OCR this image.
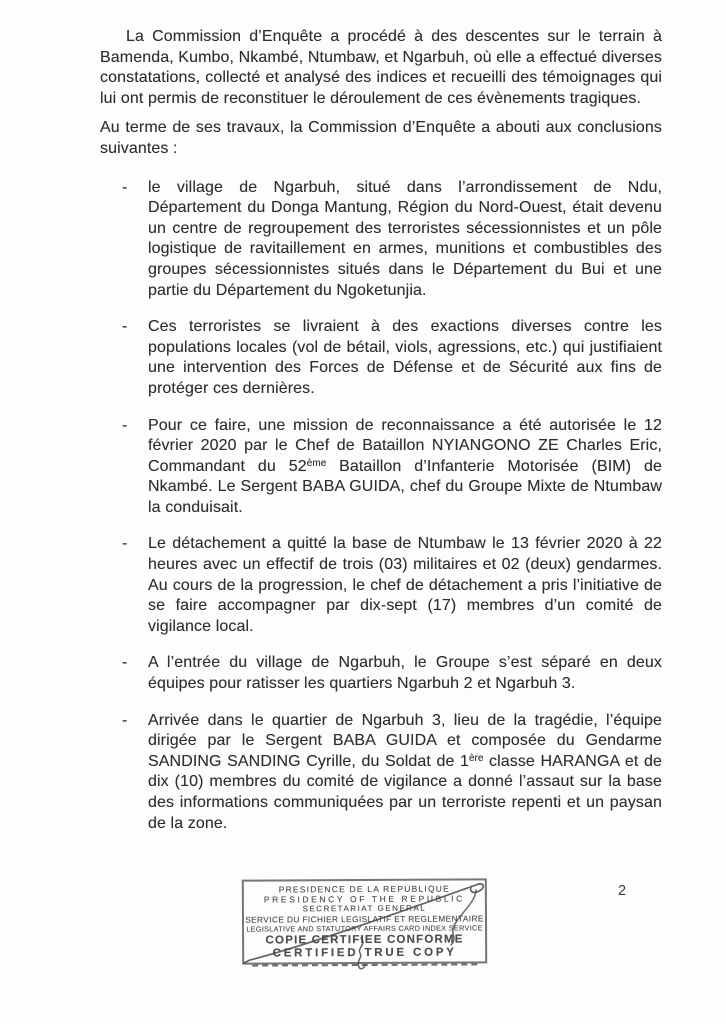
La Commission d’Enquête a procédé à des descentes sur le terrain à Bamenda, Kumbo, Nkambé, Ntumbaw, et Ngarbuh, où elle a effectué diverses constatations, collecté et analysé des indices et recueilli des témoignages qui lui ont permis de reconstituer le déroulement de ces évènements tragiques.

Au terme de ses travaux, la Commission d’Enquête a abouti aux conclusions suivantes :

- le village de Ngarbuh, situé dans l’arrondissement de Ndu, Département du Donga Mantung, Région du Nord-Ouest, était devenu un centre de regroupement des terroristes sécessionnistes et un pôle logistique de ravitaillement en armes, munitions et combustibles des groupes sécessionnistes situés dans le Département du Bui et une partie du Département du Ngoketunjia.

- Ces terroristes se livraient à des exactions diverses contre les populations locales (vol de bétail, viols, agressions, etc.) qui justifiaient une intervention des Forces de Défense et de Sécurité aux fins de protéger ces dernières.

- Pour ce faire, une mission de reconnaissance a été autorisée le 12 février 2020 par le Chef de Bataillon NYIANGONO ZE Charles Eric, Commandant du 52ème Bataillon d’Infanterie Motorisée (BIM) de Nkambé. Le Sergent BABA GUIDA, chef du Groupe Mixte de Ntumbaw la conduisait.

- Le détachement a quitté la base de Ntumbaw le 13 février 2020 à 22 heures avec un effectif de trois (03) militaires et 02 (deux) gendarmes. Au cours de la progression, le chef de détachement a pris l’initiative de se faire accompagner par dix-sept (17) membres d’un comité de vigilance local.

- A l’entrée du village de Ngarbuh, le Groupe s’est séparé en deux équipes pour ratisser les quartiers Ngarbuh 2 et Ngarbuh 3.

- Arrivée dans le quartier de Ngarbuh 3, lieu de la tragédie, l’équipe dirigée par le Sergent BABA GUIDA et composée du Gendarme SANDING SANDING Cyrille, du Soldat de 1ère classe HARANGA et de dix (10) membres du comité de vigilance a donné l’assaut sur la base des informations communiquées par un terroriste repenti et un paysan de la zone.

PRESIDENCE DE LA REPUBLIQUE
PRESIDENCY OF THE REPUBLIC
SECRETARIAT GENERAL
SERVICE DU FICHIER LEGISLATIF ET REGLEMENTAIRE
LEGISLATIVE AND STATUTORY AFFAIRS CARD INDEX SERVICE
COPIE CERTIFIEE CONFORME
CERTIFIED TRUE COPY
2
